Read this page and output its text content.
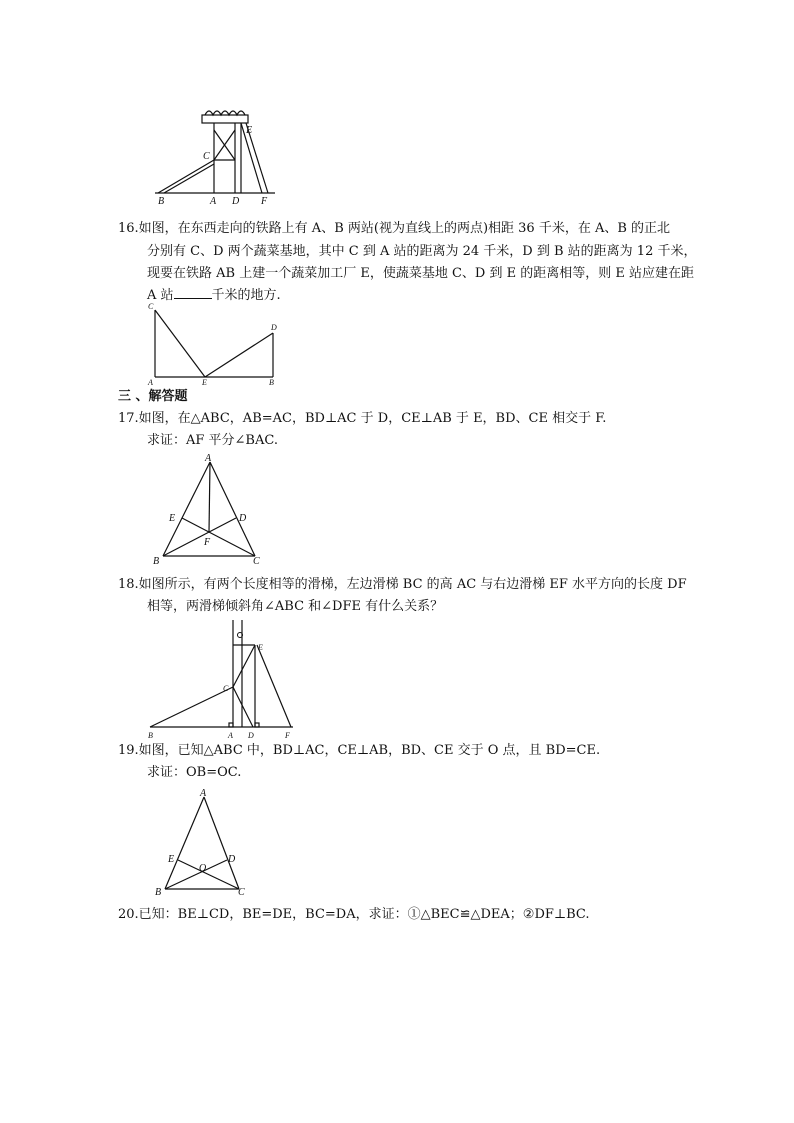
E
C
B	A D F
16.如图，在东西走向的铁路上有 A、B 两站(视为直线上的两点)相距 36 千米，在 A、B 的正北
分别有 C、D 两个蔬菜基地，其中 C 到 A 站的距离为 24 千米，D 到 B 站的距离为 12 千米，
现要在铁路 AB 上建一个蔬菜加工厂 E，使蔬菜基地 C、D 到 E 的距离相等，则 E 站应建在距
A 站	千米的地方.
C
D
A	E	B
三 、解答题
17.如图，在△ABC，AB=AC，BD⊥AC 于 D，CE⊥AB 于 E，BD、CE 相交于 F.
求证：AF 平分∠BAC.
A
E	D
F
B	C
18.如图所示，有两个长度相等的滑梯，左边滑梯 BC 的高 AC 与右边滑梯 EF 水平方向的长度 DF
相等，两滑梯倾斜角∠ABC 和∠DFE 有什么关系？
E
C
B	A D	F
19.如图，已知△ABC 中，BD⊥AC，CE⊥AB，BD、CE 交于 O 点，且 BD=CE.
求证：OB=OC.
A
E
O
D
B	C
20.已知：BE⊥CD，BE=DE，BC=DA，求证：①△BEC≌△DEA；②DF⊥BC.
